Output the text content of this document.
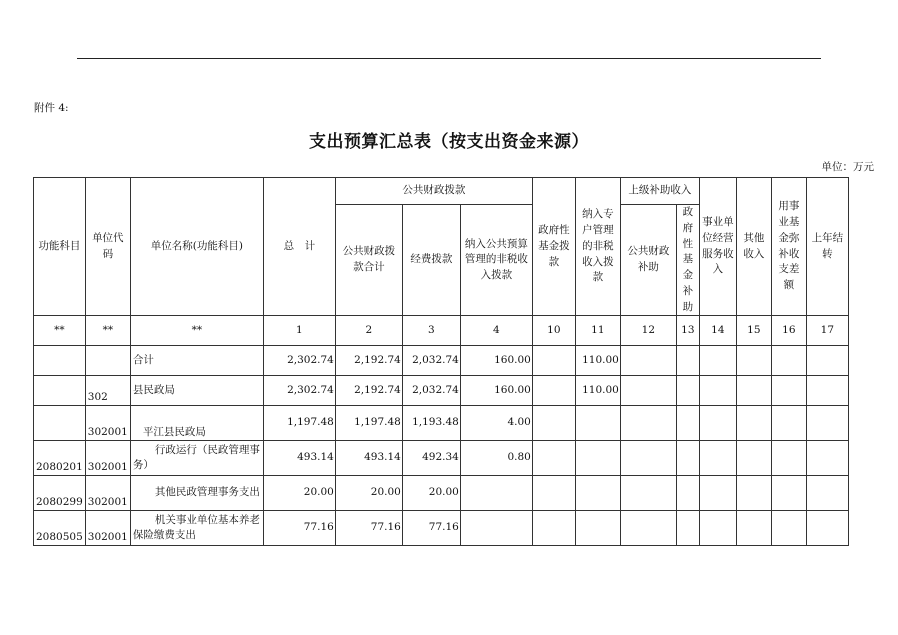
附件 4:
支出预算汇总表（按支出资金来源）
单位：万元
功能科目	单位代码	单位名称(功能科目)	总　计	公共财政拨款			政府性基金拨款	纳入专户管理的非税收入拨款	上级补助收入		事业单位经营服务收入	其他收入	用事业基金弥补收支差额	上年结转
				公共财政拨款合计	经费拨款	纳入公共预算管理的非税收入拨款			公共财政补助	政府性基金补助				
**	**	**	1	2	3	4	10	11	12	13	14	15	16	17
		合计	2,302.74	2,192.74	2,032.74	160.00		110.00						
	302	县民政局	2,302.74	2,192.74	2,032.74	160.00		110.00						
	302001	平江县民政局	1,197.48	1,197.48	1,193.48	4.00								
2080201	302001	行政运行（民政管理事务）	493.14	493.14	492.34	0.80								
2080299	302001	其他民政管理事务支出	20.00	20.00	20.00									
2080505	302001	机关事业单位基本养老保险缴费支出	77.16	77.16	77.16									
